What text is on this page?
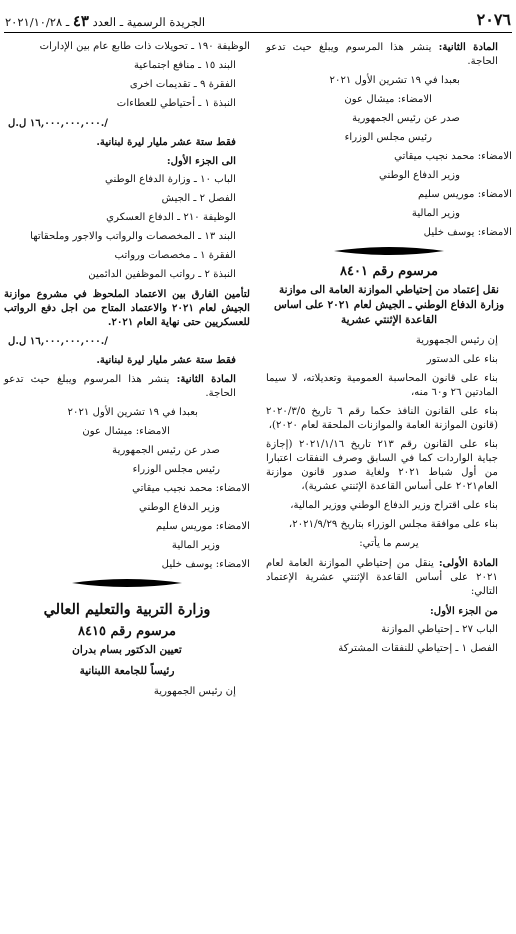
٢٠٧٦
الجريدة الرسمية ـ العدد ٤٣ ـ ٢٠٢١/١٠/٢٨

المادة الثانية: ينشر هذا المرسوم ويبلغ حيث تدعو الحاجة.

بعبدا في ١٩ تشرين الأول ٢٠٢١

الامضاء: ميشال عون

صدر عن رئيس الجمهورية

رئيس مجلس الوزراء

الامضاء: محمد نجيب ميقاتي

وزير الدفاع الوطني

الامضاء: موريس سليم

وزير المالية

الامضاء: يوسف خليل

مرسوم رقم ٨٤٠١
نقل إعتماد من إحتياطي الموازنة العامة الى موازنة وزارة الدفاع الوطني ـ الجيش لعام ٢٠٢١ على اساس القاعدة الإثنتي عشرية

إن رئيس الجمهورية

بناء على الدستور

بناء على قانون المحاسبة العمومية وتعديلاته، لا سيما المادتين ٢٦ و٦٠ منه،

بناء على القانون النافذ حكما رقم ٦ تاريخ ٢٠٢٠/٣/٥ (قانون الموازنة العامة والموازنات الملحقة لعام ٢٠٢٠)،

بناء على القانون رقم ٢١٣ تاريخ ٢٠٢١/١/١٦ (إجازة جباية الواردات كما في السابق وصرف النفقات اعتبارا من أول شباط ٢٠٢١ ولغاية صدور قانون موازنة العام٢٠٢١ على أساس القاعدة الإثنتي عشرية)،

بناء على اقتراح وزير الدفاع الوطني ووزير المالية،

بناء على موافقة مجلس الوزراء بتاريخ ٢٠٢١/٩/٢٩،

يرسم ما يأتي:

المادة الأولى: ينقل من إحتياطي الموازنة العامة لعام ٢٠٢١ على أساس القاعدة الإثنتي عشرية الإعتماد التالي:

من الجزء الأول:

الباب ٢٧ ـ إحتياطي الموازنة

الفصل ١ ـ إحتياطي للنفقات المشتركة

الوظيفة ١٩٠ ـ تحويلات ذات طابع عام بين الإدارات

البند ١٥ ـ منافع اجتماعية

الفقرة ٩ ـ تقديمات اخرى

النبذة ١ ـ أحتياطي للعطاءات

١٦,٠٠٠,٠٠٠,٠٠٠ ل.ل./

فقط ستة عشر مليار ليرة لبنانية.

الى الجزء الأول:

الباب ١٠ ـ وزارة الدفاع الوطني

الفصل ٢ ـ الجيش

الوظيفة ٢١٠ ـ الدفاع العسكري

البند ١٣ ـ المخصصات والرواتب والاجور وملحقاتها

الفقرة ١ ـ مخصصات ورواتب

النبذة ٢ ـ رواتب الموظفين الدائمين

لتأمين الفارق بين الاعتماد الملحوظ في مشروع موازنة الجيش لعام ٢٠٢١ والاعتماد المتاح من اجل دفع الرواتب للعسكريين حتى نهاية العام ٢٠٢١.

١٦,٠٠٠,٠٠٠,٠٠٠ ل.ل./

فقط ستة عشر مليار ليرة لبنانية.

المادة الثانية: ينشر هذا المرسوم ويبلغ حيث تدعو الحاجة.

بعبدا في ١٩ تشرين الأول ٢٠٢١

الامضاء: ميشال عون

صدر عن رئيس الجمهورية

رئيس مجلس الوزراء

الامضاء: محمد نجيب ميقاتي

وزير الدفاع الوطني

الامضاء: موريس سليم

وزير المالية

الامضاء: يوسف خليل

وزارة التربية والتعليم العالي
مرسوم رقم ٨٤١٥
تعيين الدكتور بسام بدران
رئيساً للجامعة اللبنانية

إن رئيس الجمهورية
